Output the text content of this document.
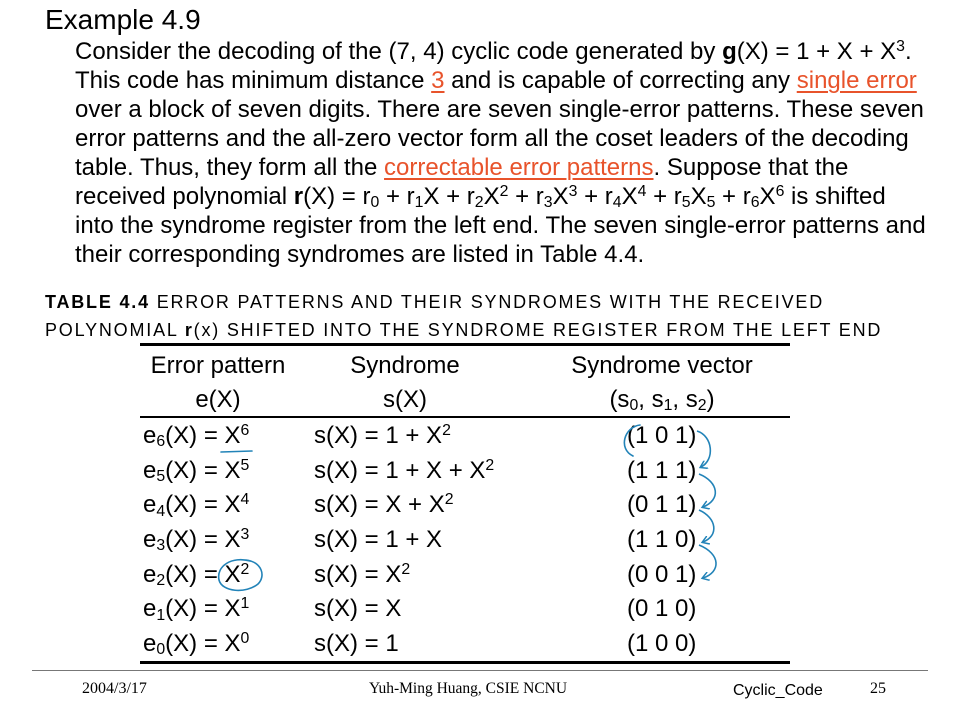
Example 4.9
Consider the decoding of the (7, 4) cyclic code generated by $g(X) = 1 + X + X^3$.
This code has minimum distance 3 and is capable of correcting any single error
over a block of seven digits. There are seven single-error patterns. These seven
error patterns and the all-zero vector form all the coset leaders of the decoding
table. Thus, they form all the correctable error patterns. Suppose that the
received polynomial $r(X) = r0 + r1X + r2X^2 + r3X^3 + r4X^4 + r5X5 + r6X^6$ is shifted
into the syndrome register from the left end. The seven single-error patterns and
their corresponding syndromes are listed in Table 4.4.
TABLE 4.4 ERROR PATTERNS AND THEIR SYNDROMES WITH THE RECEIVED
POLYNOMIAL r(x) SHIFTED INTO THE SYNDROME REGISTER FROM THE LEFT END
Error pattern	Syndrome	Syndrome vector
e(X)	s(X)	(s0, s1, s2)
$e6(X) = X^6$	$s(X) = 1 + X^2$	(1 0 1)
$e5(X) = X^5$	$s(X) = 1 + X + X^2$	(1 1 1)
$e4(X) = X^4$	$s(X) = X + X^2$	(0 1 1)
$e3(X) = X^3$	s(X) = 1 + X	(1 1 0)
$e2(X) = X^2$	$s(X) = X^2$	(0 0 1)
$e1(X) = X^1$	s(X) = X	(0 1 0)
$e0(X) = X^0$	s(X) = 1	(1 0 0)
2004/3/17	Yuh-Ming Huang, CSIE NCNU	Cyclic_Code	25
